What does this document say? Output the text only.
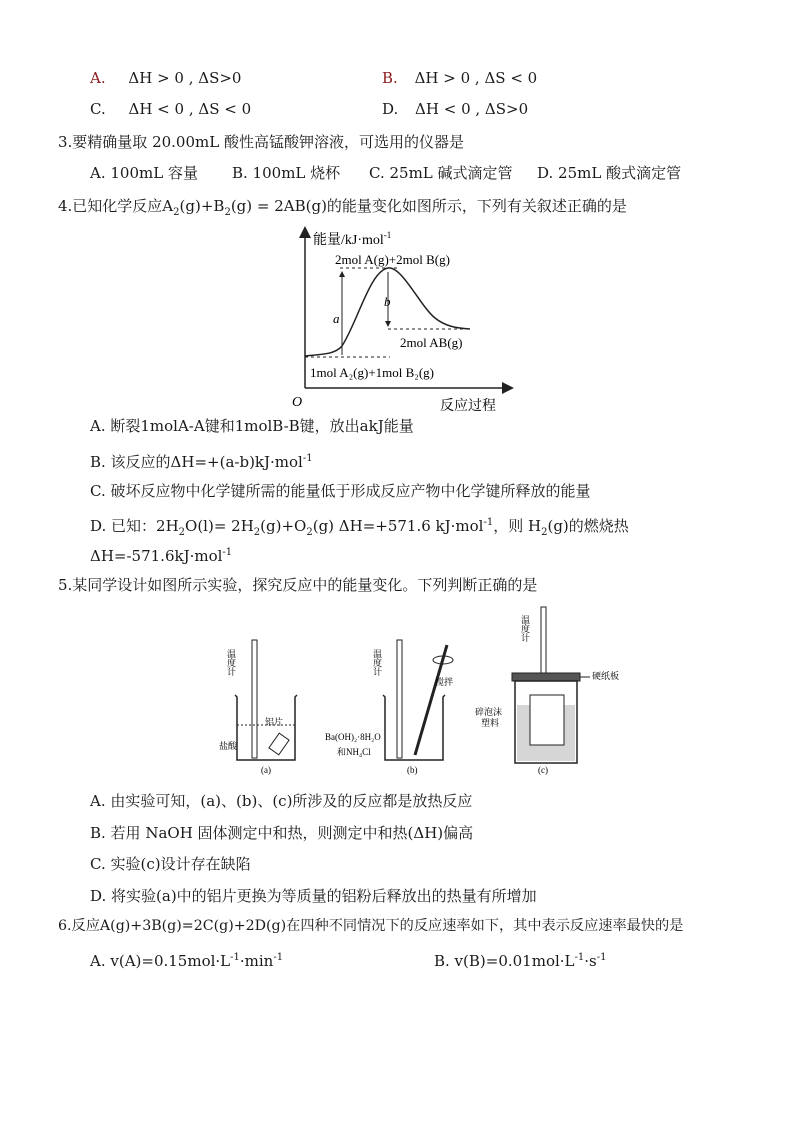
A. ΔH > 0 , ΔS>0	B. ΔH > 0 , ΔS < 0
C. ΔH < 0 , ΔS < 0	D. ΔH < 0 , ΔS>0
3.要精确量取 20.00mL 酸性高锰酸钾溶液，可选用的仪器是
A. 100mL 容量 B. 100mL 烧杯 C. 25mL 碱式滴定管 D. 25mL 酸式滴定管
4.已知化学反应$A_2(g)+B_2(g) = 2AB(g)$的能量变化如图所示，下列有关叙述正确的是
能量/kJ·mol$^{-1}$
O	反应过程
a
b
2mol A(g)+2mol B(g)
2mol AB(g)
1mol A₂(g)+1mol B₂(g)
A. 断裂1molA-A键和1molB-B键，放出akJ能量
B. 该反应的ΔH=+(a-b)kJ·mol$^{-1}$
C. 破坏反应物中化学键所需的能量低于形成反应产物中化学键所释放的能量
D. 已知：$2H_2O(l)= 2H_2(g)+O_2(g)$ ΔH=+571.6 kJ·mol$^{-1}$，则 $H_2(g)$的燃烧热
ΔH=-571.6kJ·mol$^{-1}$
5.某同学设计如图所示实验，探究反应中的能量变化。下列判断正确的是
温度计
铝片
盐酸
(a)
温度计
搅拌
Ba(OH)₂·8H₂O
和NH₄Cl
(b)
温度计
硬纸板
碎泡沫
塑料
(c)
A. 由实验可知，(a)、(b)、(c)所涉及的反应都是放热反应
B. 若用 NaOH 固体测定中和热，则测定中和热(ΔH)偏高
C. 实验(c)设计存在缺陷
D. 将实验(a)中的铝片更换为等质量的铝粉后释放出的热量有所增加
6.反应A(g)+3B(g)=2C(g)+2D(g)在四种不同情况下的反应速率如下，其中表示反应速率最快的是
A. $v(A)=0.15mol\cdot L^{-1}\cdot\min^{-1}$	B. $v(B)=0.01mol\cdot L^{-1}\cdot s^{-1}$
